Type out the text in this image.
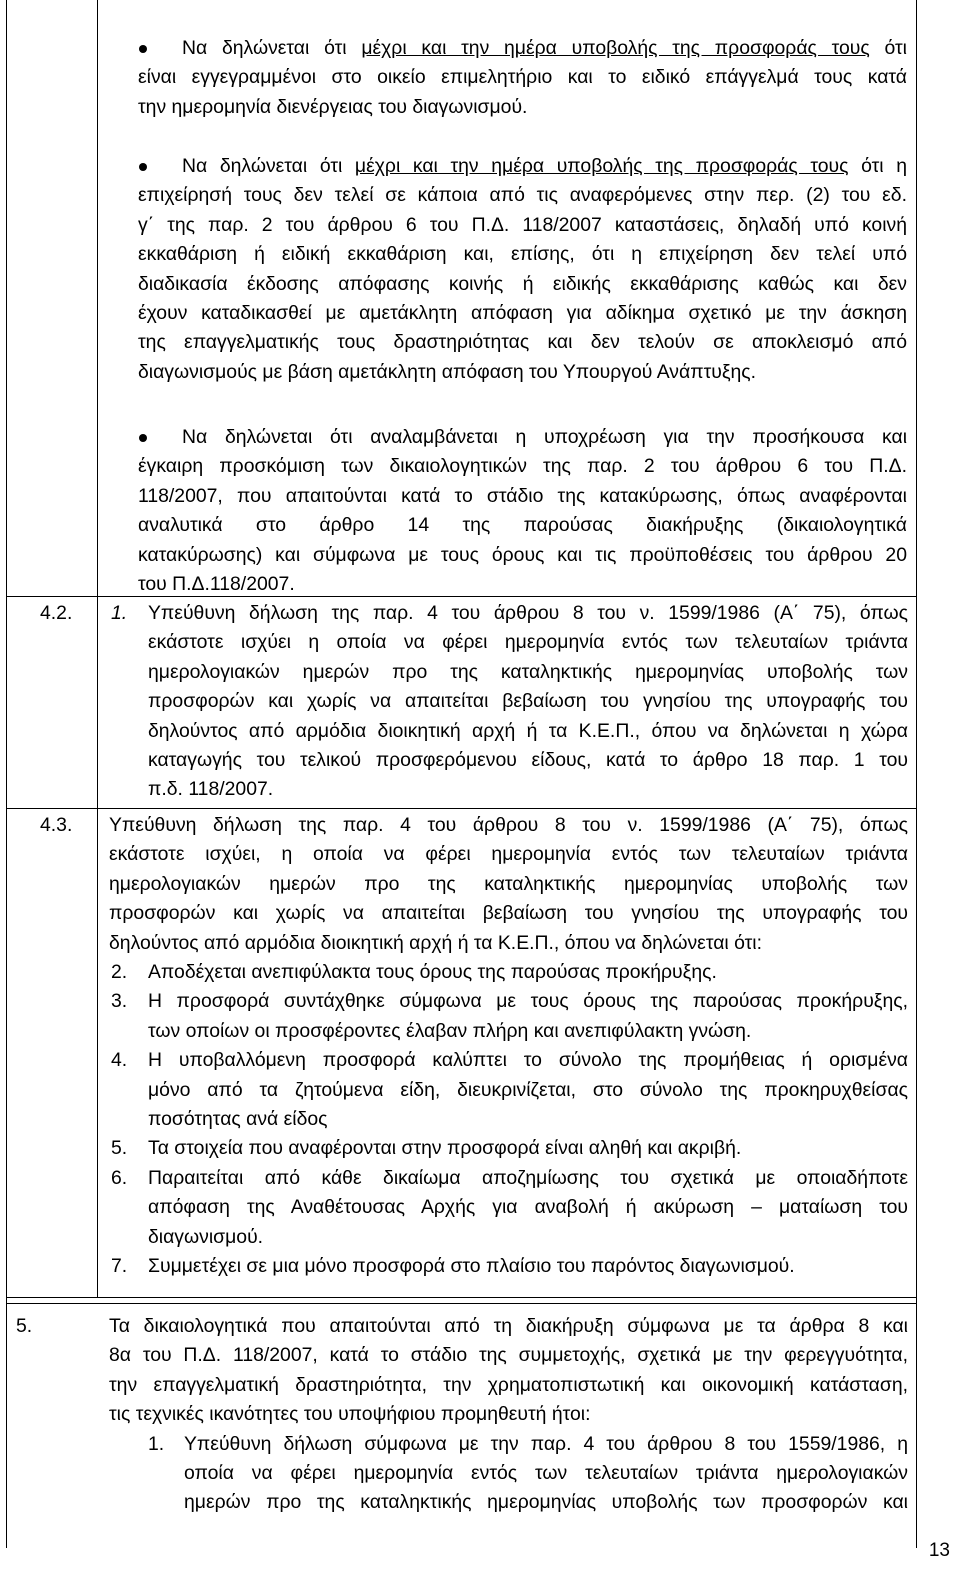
Να δηλώνεται ότι μέχρι και την ημέρα υποβολής της προσφοράς τους ότι
είναι εγγεγραμμένοι στο οικείο επιμελητήριο και το ειδικό επάγγελμά τους κατά
την ημερομηνία διενέργειας του διαγωνισμού.
Να δηλώνεται ότι μέχρι και την ημέρα υποβολής της προσφοράς τους ότι η
επιχείρησή τους δεν τελεί σε κάποια από τις αναφερόμενες στην περ. (2) του εδ.
γ΄ της παρ. 2 του άρθρου 6 του Π.Δ. 118/2007 καταστάσεις, δηλαδή υπό κοινή
εκκαθάριση ή ειδική εκκαθάριση και, επίσης, ότι η επιχείρηση δεν τελεί υπό
διαδικασία έκδοσης απόφασης κοινής ή ειδικής εκκαθάρισης καθώς και δεν
έχουν καταδικασθεί με αμετάκλητη απόφαση για αδίκημα σχετικό με την άσκηση
της επαγγελματικής τους δραστηριότητας και δεν τελούν σε αποκλεισμό από
διαγωνισμούς με βάση αμετάκλητη απόφαση του Υπουργού Ανάπτυξης.
Να δηλώνεται ότι αναλαμβάνεται η υποχρέωση για την προσήκουσα και
έγκαιρη προσκόμιση των δικαιολογητικών της παρ. 2 του άρθρου 6 του Π.Δ.
118/2007, που απαιτούνται κατά το στάδιο της κατακύρωσης, όπως αναφέρονται
αναλυτικά στο άρθρο 14 της παρούσας διακήρυξης (δικαιολογητικά
κατακύρωσης) και σύμφωνα με τους όρους και τις προϋποθέσεις του άρθρου 20
του Π.Δ.118/2007.
4.2. 1. Υπεύθυνη δήλωση της παρ. 4 του άρθρου 8 του ν. 1599/1986 (Α΄ 75), όπως
εκάστοτε ισχύει η οποία να φέρει ημερομηνία εντός των τελευταίων τριάντα
ημερολογιακών ημερών προ της καταληκτικής ημερομηνίας υποβολής των
προσφορών και χωρίς να απαιτείται βεβαίωση του γνησίου της υπογραφής του
δηλούντος από αρμόδια διοικητική αρχή ή τα Κ.Ε.Π., όπου να δηλώνεται η χώρα
καταγωγής του τελικού προσφερόμενου είδους, κατά το άρθρο 18 παρ. 1 του
π.δ. 118/2007.
4.3. Υπεύθυνη δήλωση της παρ. 4 του άρθρου 8 του ν. 1599/1986 (Α΄ 75), όπως
εκάστοτε ισχύει, η οποία να φέρει ημερομηνία εντός των τελευταίων τριάντα
ημερολογιακών ημερών προ της καταληκτικής ημερομηνίας υποβολής των
προσφορών και χωρίς να απαιτείται βεβαίωση του γνησίου της υπογραφής του
δηλούντος από αρμόδια διοικητική αρχή ή τα Κ.Ε.Π., όπου να δηλώνεται ότι:
2. Αποδέχεται ανεπιφύλακτα τους όρους της παρούσας προκήρυξης.
3. Η προσφορά συντάχθηκε σύμφωνα με τους όρους της παρούσας προκήρυξης,
των οποίων οι προσφέροντες έλαβαν πλήρη και ανεπιφύλακτη γνώση.
4. Η υποβαλλόμενη προσφορά καλύπτει το σύνολο της προμήθειας ή ορισμένα
μόνο από τα ζητούμενα είδη, διευκρινίζεται, στο σύνολο της προκηρυχθείσας
ποσότητας ανά είδος
5. Τα στοιχεία που αναφέρονται στην προσφορά είναι αληθή και ακριβή.
6. Παραιτείται από κάθε δικαίωμα αποζημίωσης του σχετικά με οποιαδήποτε
απόφαση της Αναθέτουσας Αρχής για αναβολή ή ακύρωση – ματαίωση του
διαγωνισμού.
7. Συμμετέχει σε μια μόνο προσφορά στο πλαίσιο του παρόντος διαγωνισμού.
5.	Τα δικαιολογητικά που απαιτούνται από τη διακήρυξη σύμφωνα με τα άρθρα 8 και
8α του Π.Δ. 118/2007, κατά το στάδιο της συμμετοχής, σχετικά με την φερεγγυότητα,
την επαγγελματική δραστηριότητα, την χρηματοπιστωτική και οικονομική κατάσταση,
τις τεχνικές ικανότητες του υποψήφιου προμηθευτή ήτοι:
1. Υπεύθυνη δήλωση σύμφωνα με την παρ. 4 του άρθρου 8 του 1559/1986, η
οποία να φέρει ημερομηνία εντός των τελευταίων τριάντα ημερολογιακών
ημερών προ της καταληκτικής ημερομηνίας υποβολής των προσφορών και
13
